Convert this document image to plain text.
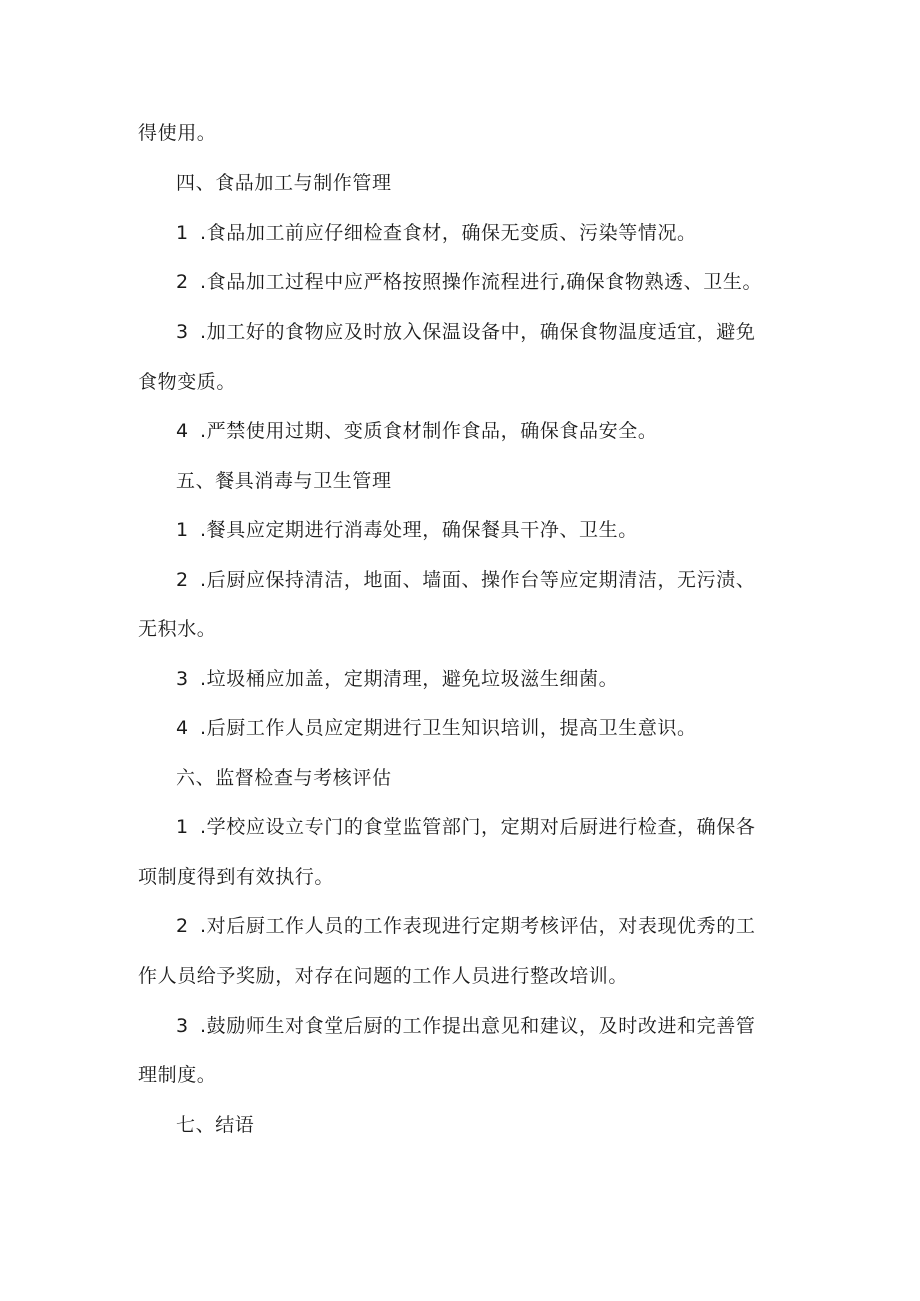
得使用。
四、食品加工与制作管理
1 .食品加工前应仔细检查食材，确保无变质、污染等情况。
2 .食品加工过程中应严格按照操作流程进行,确保食物熟透、卫生。
3 .加工好的食物应及时放入保温设备中，确保食物温度适宜，避免
食物变质。
4 .严禁使用过期、变质食材制作食品，确保食品安全。
五、餐具消毒与卫生管理
1 .餐具应定期进行消毒处理，确保餐具干净、卫生。
2 .后厨应保持清洁，地面、墙面、操作台等应定期清洁，无污渍、
无积水。
3 .垃圾桶应加盖，定期清理，避免垃圾滋生细菌。
4 .后厨工作人员应定期进行卫生知识培训，提高卫生意识。
六、监督检查与考核评估
1 .学校应设立专门的食堂监管部门，定期对后厨进行检查，确保各
项制度得到有效执行。
2 .对后厨工作人员的工作表现进行定期考核评估，对表现优秀的工
作人员给予奖励，对存在问题的工作人员进行整改培训。
3 .鼓励师生对食堂后厨的工作提出意见和建议，及时改进和完善管
理制度。
七、结语
